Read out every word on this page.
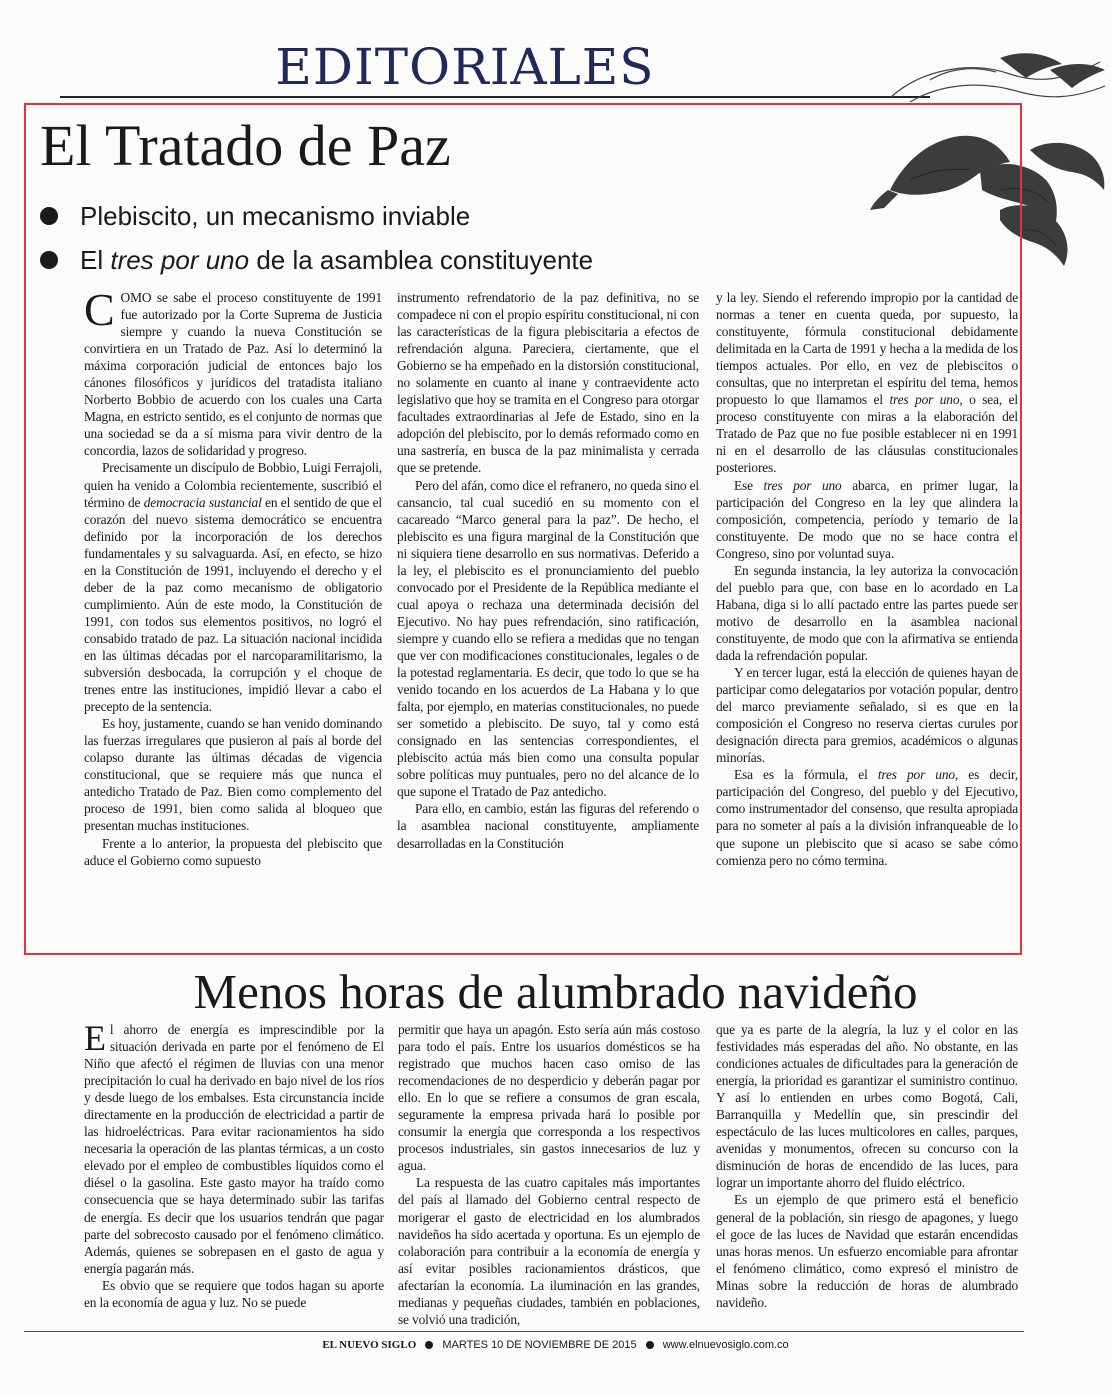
EDITORIALES
El Tratado de Paz
Plebiscito, un mecanismo inviable
El tres por uno de la asamblea constituyente

COMO se sabe el proceso constituyente de 1991 fue autorizado por la Corte Suprema de Justicia siempre y cuando la nueva Constitución se convirtiera en un Tratado de Paz. Así lo determinó la máxima corporación judicial de entonces bajo los cánones filosóficos y jurídicos del tratadista italiano Norberto Bobbio de acuerdo con los cuales una Carta Magna, en estricto sentido, es el conjunto de normas que una sociedad se da a sí misma para vivir dentro de la concordia, lazos de solidaridad y progreso.

Precisamente un discípulo de Bobbio, Luigi Ferrajoli, quien ha venido a Colombia recientemente, suscribió el término de democracia sustancial en el sentido de que el corazón del nuevo sistema democrático se encuentra definido por la incorporación de los derechos fundamentales y su salvaguarda. Así, en efecto, se hizo en la Constitución de 1991, incluyendo el derecho y el deber de la paz como mecanismo de obligatorio cumplimiento. Aún de este modo, la Constitución de 1991, con todos sus elementos positivos, no logró el consabido tratado de paz. La situación nacional incidida en las últimas décadas por el narcoparamilitarismo, la subversión desbocada, la corrupción y el choque de trenes entre las instituciones, impidió llevar a cabo el precepto de la sentencia.

Es hoy, justamente, cuando se han venido dominando las fuerzas irregulares que pusieron al país al borde del colapso durante las últimas décadas de vigencia constitucional, que se requiere más que nunca el antedicho Tratado de Paz. Bien como complemento del proceso de 1991, bien como salida al bloqueo que presentan muchas instituciones.

Frente a lo anterior, la propuesta del plebiscito que aduce el Gobierno como supuesto

instrumento refrendatorio de la paz definitiva, no se compadece ni con el propio espíritu constitucional, ni con las características de la figura plebiscitaria a efectos de refrendación alguna. Pareciera, ciertamente, que el Gobierno se ha empeñado en la distorsión constitucional, no solamente en cuanto al inane y contraevidente acto legislativo que hoy se tramita en el Congreso para otorgar facultades extraordinarias al Jefe de Estado, sino en la adopción del plebiscito, por lo demás reformado como en una sastrería, en busca de la paz minimalista y cerrada que se pretende.

Pero del afán, como dice el refranero, no queda sino el cansancio, tal cual sucedió en su momento con el cacareado “Marco general para la paz”. De hecho, el plebiscito es una figura marginal de la Constitución que ni siquiera tiene desarrollo en sus normativas. Deferido a la ley, el plebiscito es el pronunciamiento del pueblo convocado por el Presidente de la República mediante el cual apoya o rechaza una determinada decisión del Ejecutivo. No hay pues refrendación, sino ratificación, siempre y cuando ello se refiera a medidas que no tengan que ver con modificaciones constitucionales, legales o de la potestad reglamentaria. Es decir, que todo lo que se ha venido tocando en los acuerdos de La Habana y lo que falta, por ejemplo, en materias constitucionales, no puede ser sometido a plebiscito. De suyo, tal y como está consignado en las sentencias correspondientes, el plebiscito actúa más bien como una consulta popular sobre políticas muy puntuales, pero no del alcance de lo que supone el Tratado de Paz antedicho.

Para ello, en cambio, están las figuras del referendo o la asamblea nacional constituyente, ampliamente desarrolladas en la Constitución

y la ley. Siendo el referendo impropio por la cantidad de normas a tener en cuenta queda, por supuesto, la constituyente, fórmula constitucional debidamente delimitada en la Carta de 1991 y hecha a la medida de los tiempos actuales. Por ello, en vez de plebiscitos o consultas, que no interpretan el espíritu del tema, hemos propuesto lo que llamamos el tres por uno, o sea, el proceso constituyente con miras a la elaboración del Tratado de Paz que no fue posible establecer ni en 1991 ni en el desarrollo de las cláusulas constitucionales posteriores.

Ese tres por uno abarca, en primer lugar, la participación del Congreso en la ley que alindera la composición, competencia, período y temario de la constituyente. De modo que no se hace contra el Congreso, sino por voluntad suya.

En segunda instancia, la ley autoriza la convocación del pueblo para que, con base en lo acordado en La Habana, diga si lo allí pactado entre las partes puede ser motivo de desarrollo en la asamblea nacional constituyente, de modo que con la afirmativa se entienda dada la refrendación popular.

Y en tercer lugar, está la elección de quienes hayan de participar como delegatarios por votación popular, dentro del marco previamente señalado, si es que en la composición el Congreso no reserva ciertas curules por designación directa para gremios, académicos o algunas minorías.

Esa es la fórmula, el tres por uno, es decir, participación del Congreso, del pueblo y del Ejecutivo, como instrumentador del consenso, que resulta apropiada para no someter al país a la división infranqueable de lo que supone un plebiscito que si acaso se sabe cómo comienza pero no cómo termina.

Menos horas de alumbrado navideño

El ahorro de energía es imprescindible por la situación derivada en parte por el fenómeno de El Niño que afectó el régimen de lluvias con una menor precipitación lo cual ha derivado en bajo nivel de los ríos y desde luego de los embalses. Esta circunstancia incide directamente en la producción de electricidad a partir de las hidroeléctricas. Para evitar racionamientos ha sido necesaria la operación de las plantas térmicas, a un costo elevado por el empleo de combustibles líquidos como el diésel o la gasolina. Este gasto mayor ha traído como consecuencia que se haya determinado subir las tarifas de energía. Es decir que los usuarios tendrán que pagar parte del sobrecosto causado por el fenómeno climático. Además, quienes se sobrepasen en el gasto de agua y energía pagarán más.

Es obvio que se requiere que todos hagan su aporte en la economía de agua y luz. No se puede

permitir que haya un apagón. Esto sería aún más costoso para todo el país. Entre los usuarios domésticos se ha registrado que muchos hacen caso omiso de las recomendaciones de no desperdicio y deberán pagar por ello. En lo que se refiere a consumos de gran escala, seguramente la empresa privada hará lo posible por consumir la energía que corresponda a los respectivos procesos industriales, sin gastos innecesarios de luz y agua.

La respuesta de las cuatro capitales más importantes del país al llamado del Gobierno central respecto de morigerar el gasto de electricidad en los alumbrados navideños ha sido acertada y oportuna. Es un ejemplo de colaboración para contribuir a la economía de energía y así evitar posibles racionamientos drásticos, que afectarían la economía. La iluminación en las grandes, medianas y pequeñas ciudades, también en poblaciones, se volvió una tradición,

que ya es parte de la alegría, la luz y el color en las festividades más esperadas del año. No obstante, en las condiciones actuales de dificultades para la generación de energía, la prioridad es garantizar el suministro continuo. Y así lo entienden en urbes como Bogotá, Cali, Barranquilla y Medellín que, sin prescindir del espectáculo de las luces multicolores en calles, parques, avenidas y monumentos, ofrecen su concurso con la disminución de horas de encendido de las luces, para lograr un importante ahorro del fluido eléctrico.

Es un ejemplo de que primero está el beneficio general de la población, sin riesgo de apagones, y luego el goce de las luces de Navidad que estarán encendidas unas horas menos. Un esfuerzo encomiable para afrontar el fenómeno climático, como expresó el ministro de Minas sobre la reducción de horas de alumbrado navideño.

EL NUEVO SIGLO MARTES 10 DE NOVIEMBRE DE 2015 www.elnuevosiglo.com.co
